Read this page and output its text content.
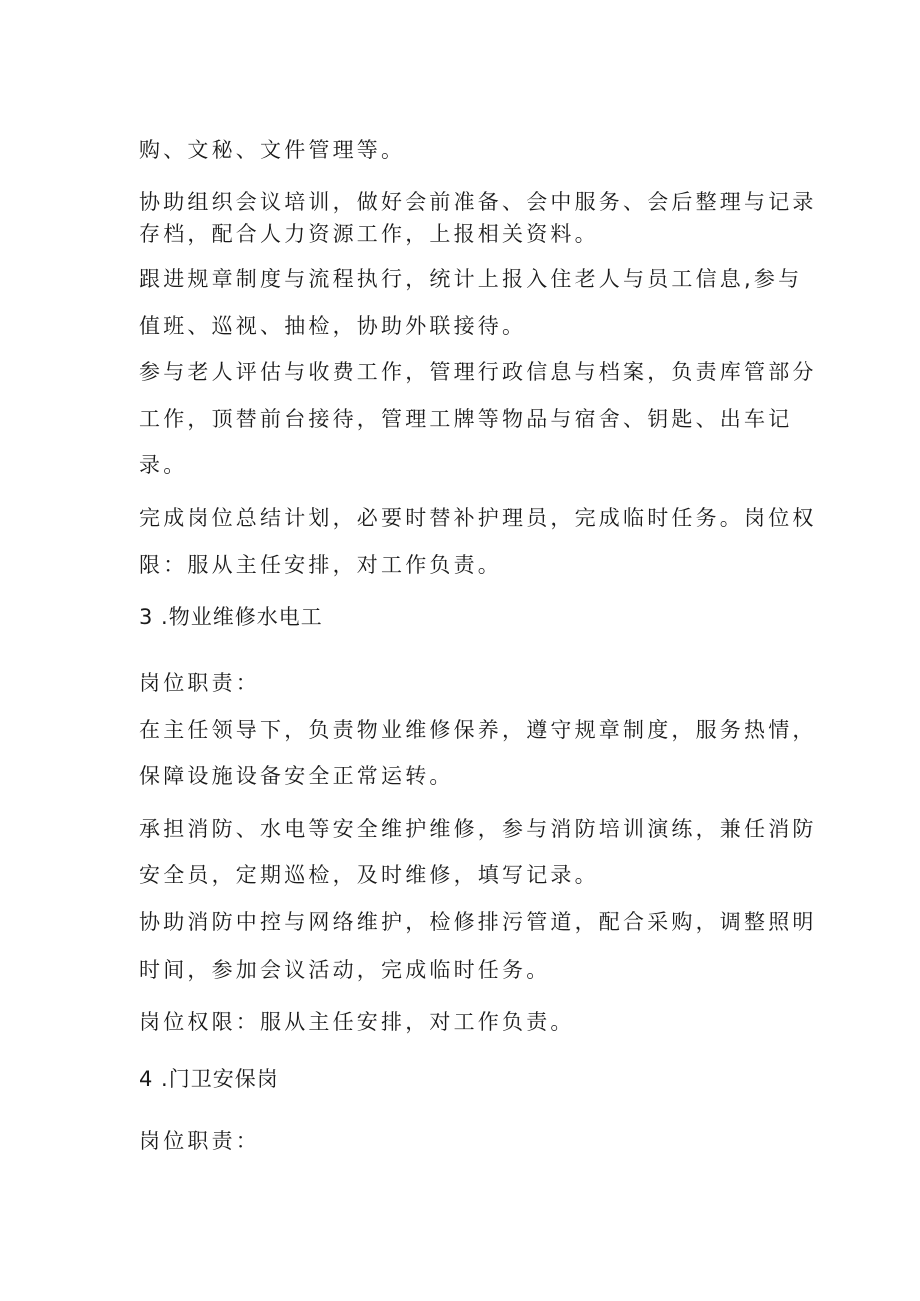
购、文秘、文件管理等。

协助组织会议培训，做好会前准备、会中服务、会后整理与记录

存档，配合人力资源工作，上报相关资料。

跟进规章制度与流程执行，统计上报入住老人与员工信息,参与

值班、巡视、抽检，协助外联接待。

参与老人评估与收费工作，管理行政信息与档案，负责库管部分

工作，顶替前台接待，管理工牌等物品与宿舍、钥匙、出车记

录。

完成岗位总结计划，必要时替补护理员，完成临时任务。岗位权

限：服从主任安排，对工作负责。

3 .物业维修水电工

岗位职责：

在主任领导下，负责物业维修保养，遵守规章制度，服务热情，

保障设施设备安全正常运转。

承担消防、水电等安全维护维修，参与消防培训演练，兼任消防

安全员，定期巡检，及时维修，填写记录。

协助消防中控与网络维护，检修排污管道，配合采购，调整照明

时间，参加会议活动，完成临时任务。

岗位权限：服从主任安排，对工作负责。

4 .门卫安保岗

岗位职责：
